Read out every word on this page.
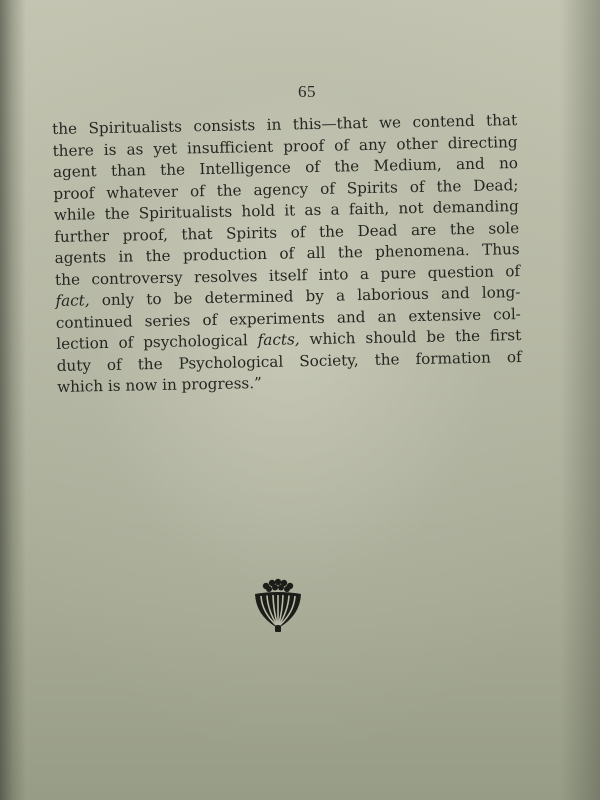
65
the Spiritualists consists in this—that we contend that
there is as yet insufficient proof of any other directing
agent than the Intelligence of the Medium, and no
proof whatever of the agency of Spirits of the Dead;
while the Spiritualists hold it as a faith, not demanding
further proof, that Spirits of the Dead are the sole
agents in the production of all the phenomena. Thus
the controversy resolves itself into a pure question of
fact, only to be determined by a laborious and long-
continued series of experiments and an extensive col-
lection of psychological facts, which should be the first
duty of the Psychological Society, the formation of
which is now in progress.”
